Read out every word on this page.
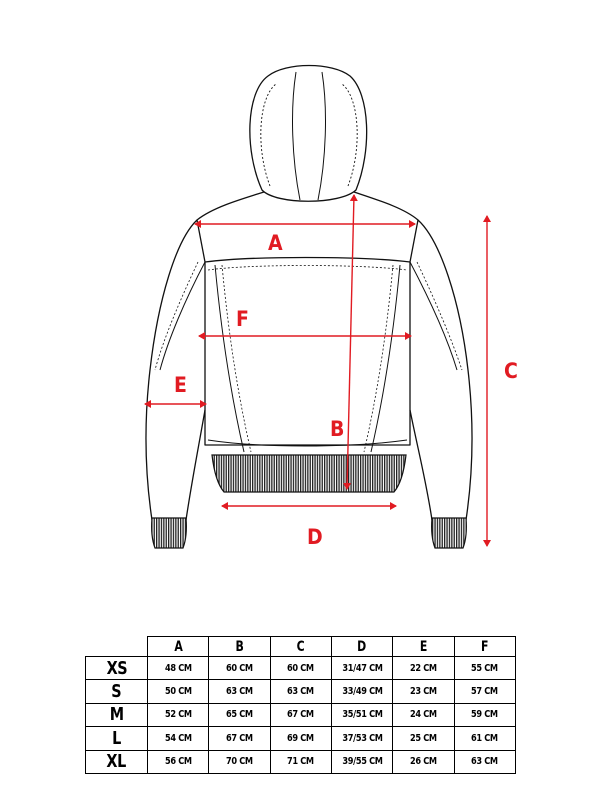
A
F
E
B
D
C
	A	B	C	D	E	F
XS	48 CM	60 CM	60 CM	31/47 CM	22 CM	55 CM
S	50 CM	63 CM	63 CM	33/49 CM	23 CM	57 CM
M	52 CM	65 CM	67 CM	35/51 CM	24 CM	59 CM
L	54 CM	67 CM	69 CM	37/53 CM	25 CM	61 CM
XL	56 CM	70 CM	71 CM	39/55 CM	26 CM	63 CM
